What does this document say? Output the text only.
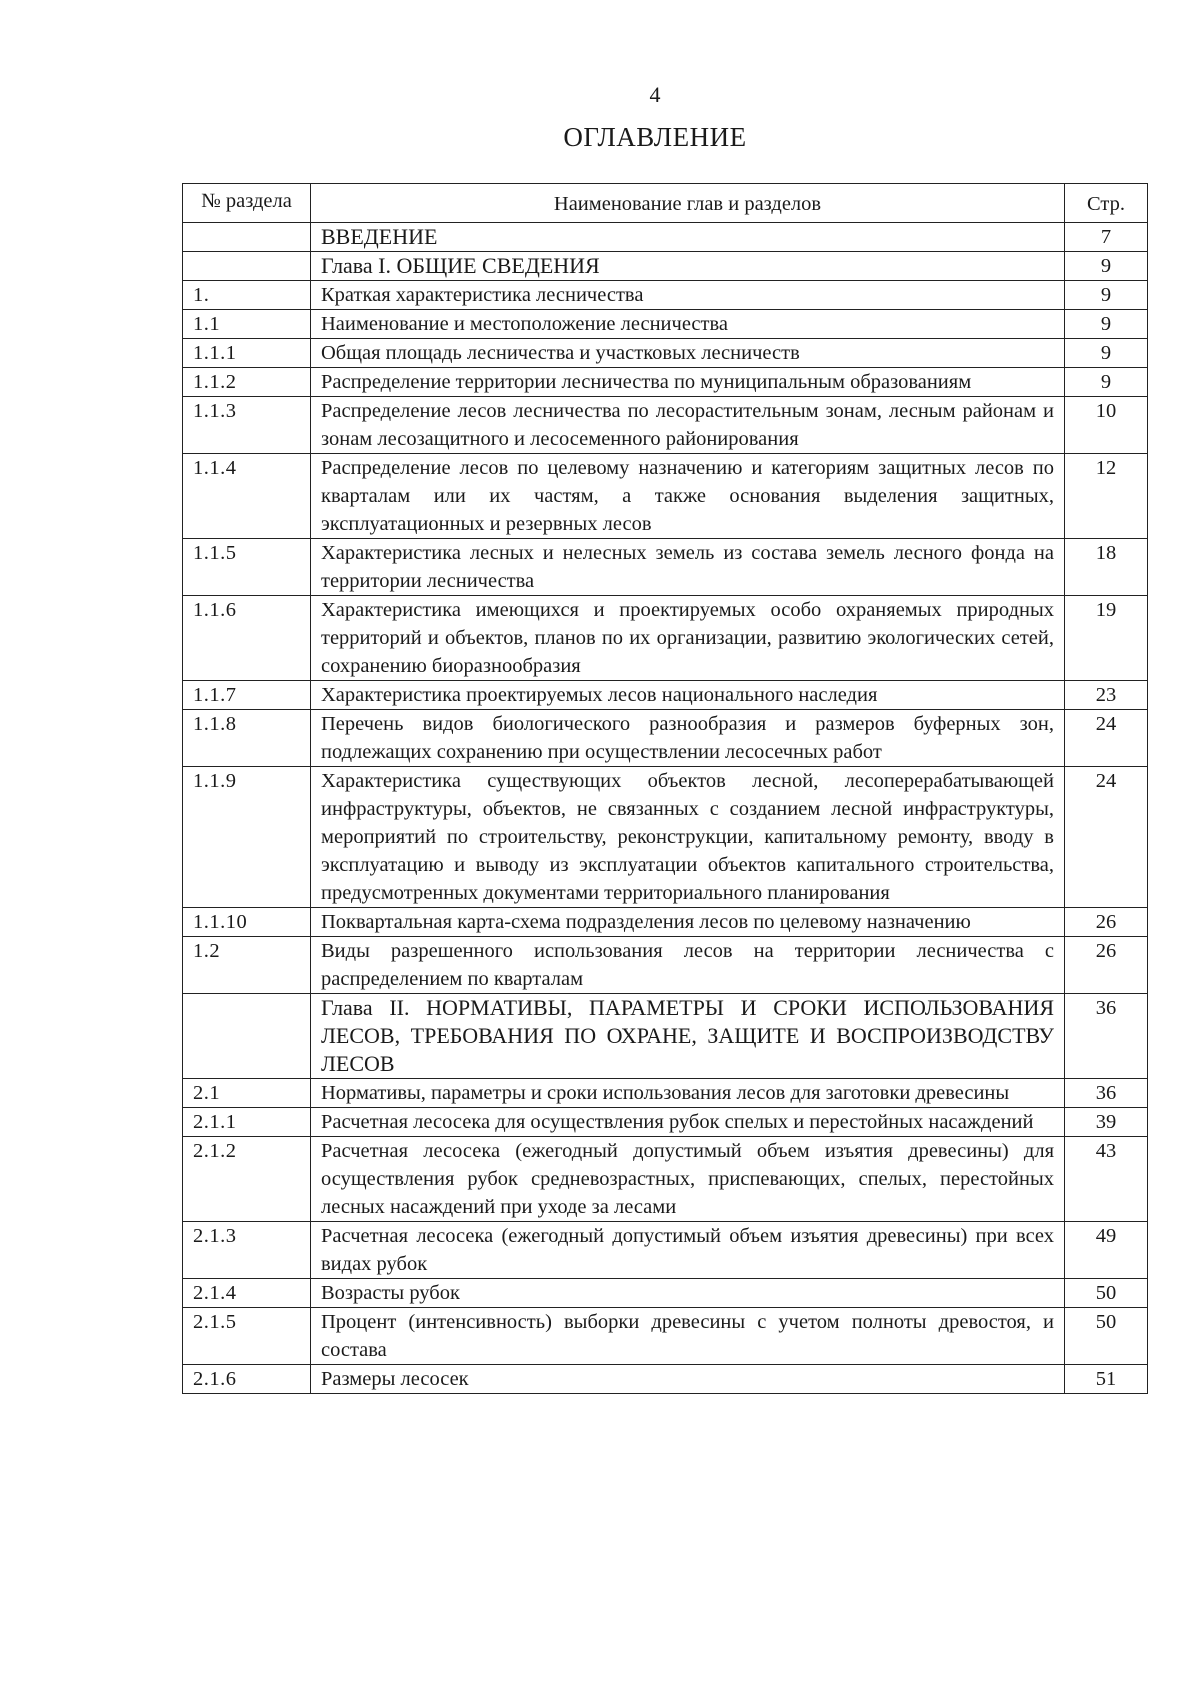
4
ОГЛАВЛЕНИЕ
№ раздела	Наименование глав и разделов	Стр.
	ВВЕДЕНИЕ	7
	Глава I. ОБЩИЕ СВЕДЕНИЯ	9
1.	Краткая характеристика лесничества	9
1.1	Наименование и местоположение лесничества	9
1.1.1	Общая площадь лесничества и участковых лесничеств	9
1.1.2	Распределение территории лесничества по муниципальным образованиям	9
1.1.3	Распределение лесов лесничества по лесорастительным зонам, лесным районам и зонам лесозащитного и лесосеменного районирования	10
1.1.4	Распределение лесов по целевому назначению и категориям защитных лесов по кварталам или их частям, а также основания выделения защитных, эксплуатационных и резервных лесов	12
1.1.5	Характеристика лесных и нелесных земель из состава земель лесного фонда на территории лесничества	18
1.1.6	Характеристика имеющихся и проектируемых особо охраняемых природных территорий и объектов, планов по их организации, развитию экологических сетей, сохранению биоразнообразия	19
1.1.7	Характеристика проектируемых лесов национального наследия	23
1.1.8	Перечень видов биологического разнообразия и размеров буферных зон, подлежащих сохранению при осуществлении лесосечных работ	24
1.1.9	Характеристика существующих объектов лесной, лесоперерабатывающей инфраструктуры, объектов, не связанных с созданием лесной инфраструктуры, мероприятий по строительству, реконструкции, капитальному ремонту, вводу в эксплуатацию и выводу из эксплуатации объектов капитального строительства, предусмотренных документами территориального планирования	24
1.1.10	Поквартальная карта-схема подразделения лесов по целевому назначению	26
1.2	Виды разрешенного использования лесов на территории лесничества с распределением по кварталам	26
	Глава II. НОРМАТИВЫ, ПАРАМЕТРЫ И СРОКИ ИСПОЛЬЗОВАНИЯ ЛЕСОВ, ТРЕБОВАНИЯ ПО ОХРАНЕ, ЗАЩИТЕ И ВОСПРОИЗВОДСТВУ ЛЕСОВ	36
2.1	Нормативы, параметры и сроки использования лесов для заготовки древесины	36
2.1.1	Расчетная лесосека для осуществления рубок спелых и перестойных насаждений	39
2.1.2	Расчетная лесосека (ежегодный допустимый объем изъятия древесины) для осуществления рубок средневозрастных, приспевающих, спелых, перестойных лесных насаждений при уходе за лесами	43
2.1.3	Расчетная лесосека (ежегодный допустимый объем изъятия древесины) при всех видах рубок	49
2.1.4	Возрасты рубок	50
2.1.5	Процент (интенсивность) выборки древесины с учетом полноты древостоя, и состава	50
2.1.6	Размеры лесосек	51
